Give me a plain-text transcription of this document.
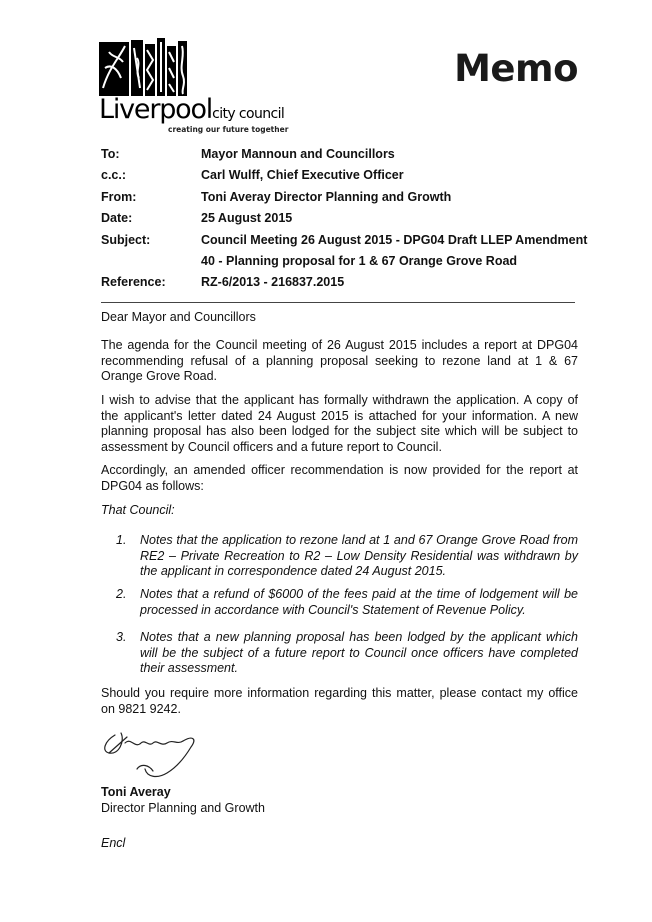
Liverpoolcity council
creating our future together
Memo
To:	Mayor Mannoun and Councillors
c.c.:	Carl Wulff, Chief Executive Officer
From:	Toni Averay Director Planning and Growth
Date:	25 August 2015
Subject:	Council Meeting 26 August 2015 - DPG04 Draft LLEP Amendment
40 - Planning proposal for 1 & 67 Orange Grove Road
Reference:	RZ-6/2013 - 216837.2015

Dear Mayor and Councillors

The agenda for the Council meeting of 26 August 2015 includes a report at DPG04 recommending refusal of a planning proposal seeking to rezone land at 1 & 67 Orange Grove Road.

I wish to advise that the applicant has formally withdrawn the application. A copy of the applicant's letter dated 24 August 2015 is attached for your information. A new planning proposal has also been lodged for the subject site which will be subject to assessment by Council officers and a future report to Council.

Accordingly, an amended officer recommendation is now provided for the report at DPG04 as follows:

That Council:

1. Notes that the application to rezone land at 1 and 67 Orange Grove Road from RE2 – Private Recreation to R2 – Low Density Residential was withdrawn by the applicant in correspondence dated 24 August 2015.
2. Notes that a refund of $6000 of the fees paid at the time of lodgement will be processed in accordance with Council's Statement of Revenue Policy.
3. Notes that a new planning proposal has been lodged by the applicant which will be the subject of a future report to Council once officers have completed their assessment.

Should you require more information regarding this matter, please contact my office on 9821 9242.

Toni Averay
Director Planning and Growth
Encl
